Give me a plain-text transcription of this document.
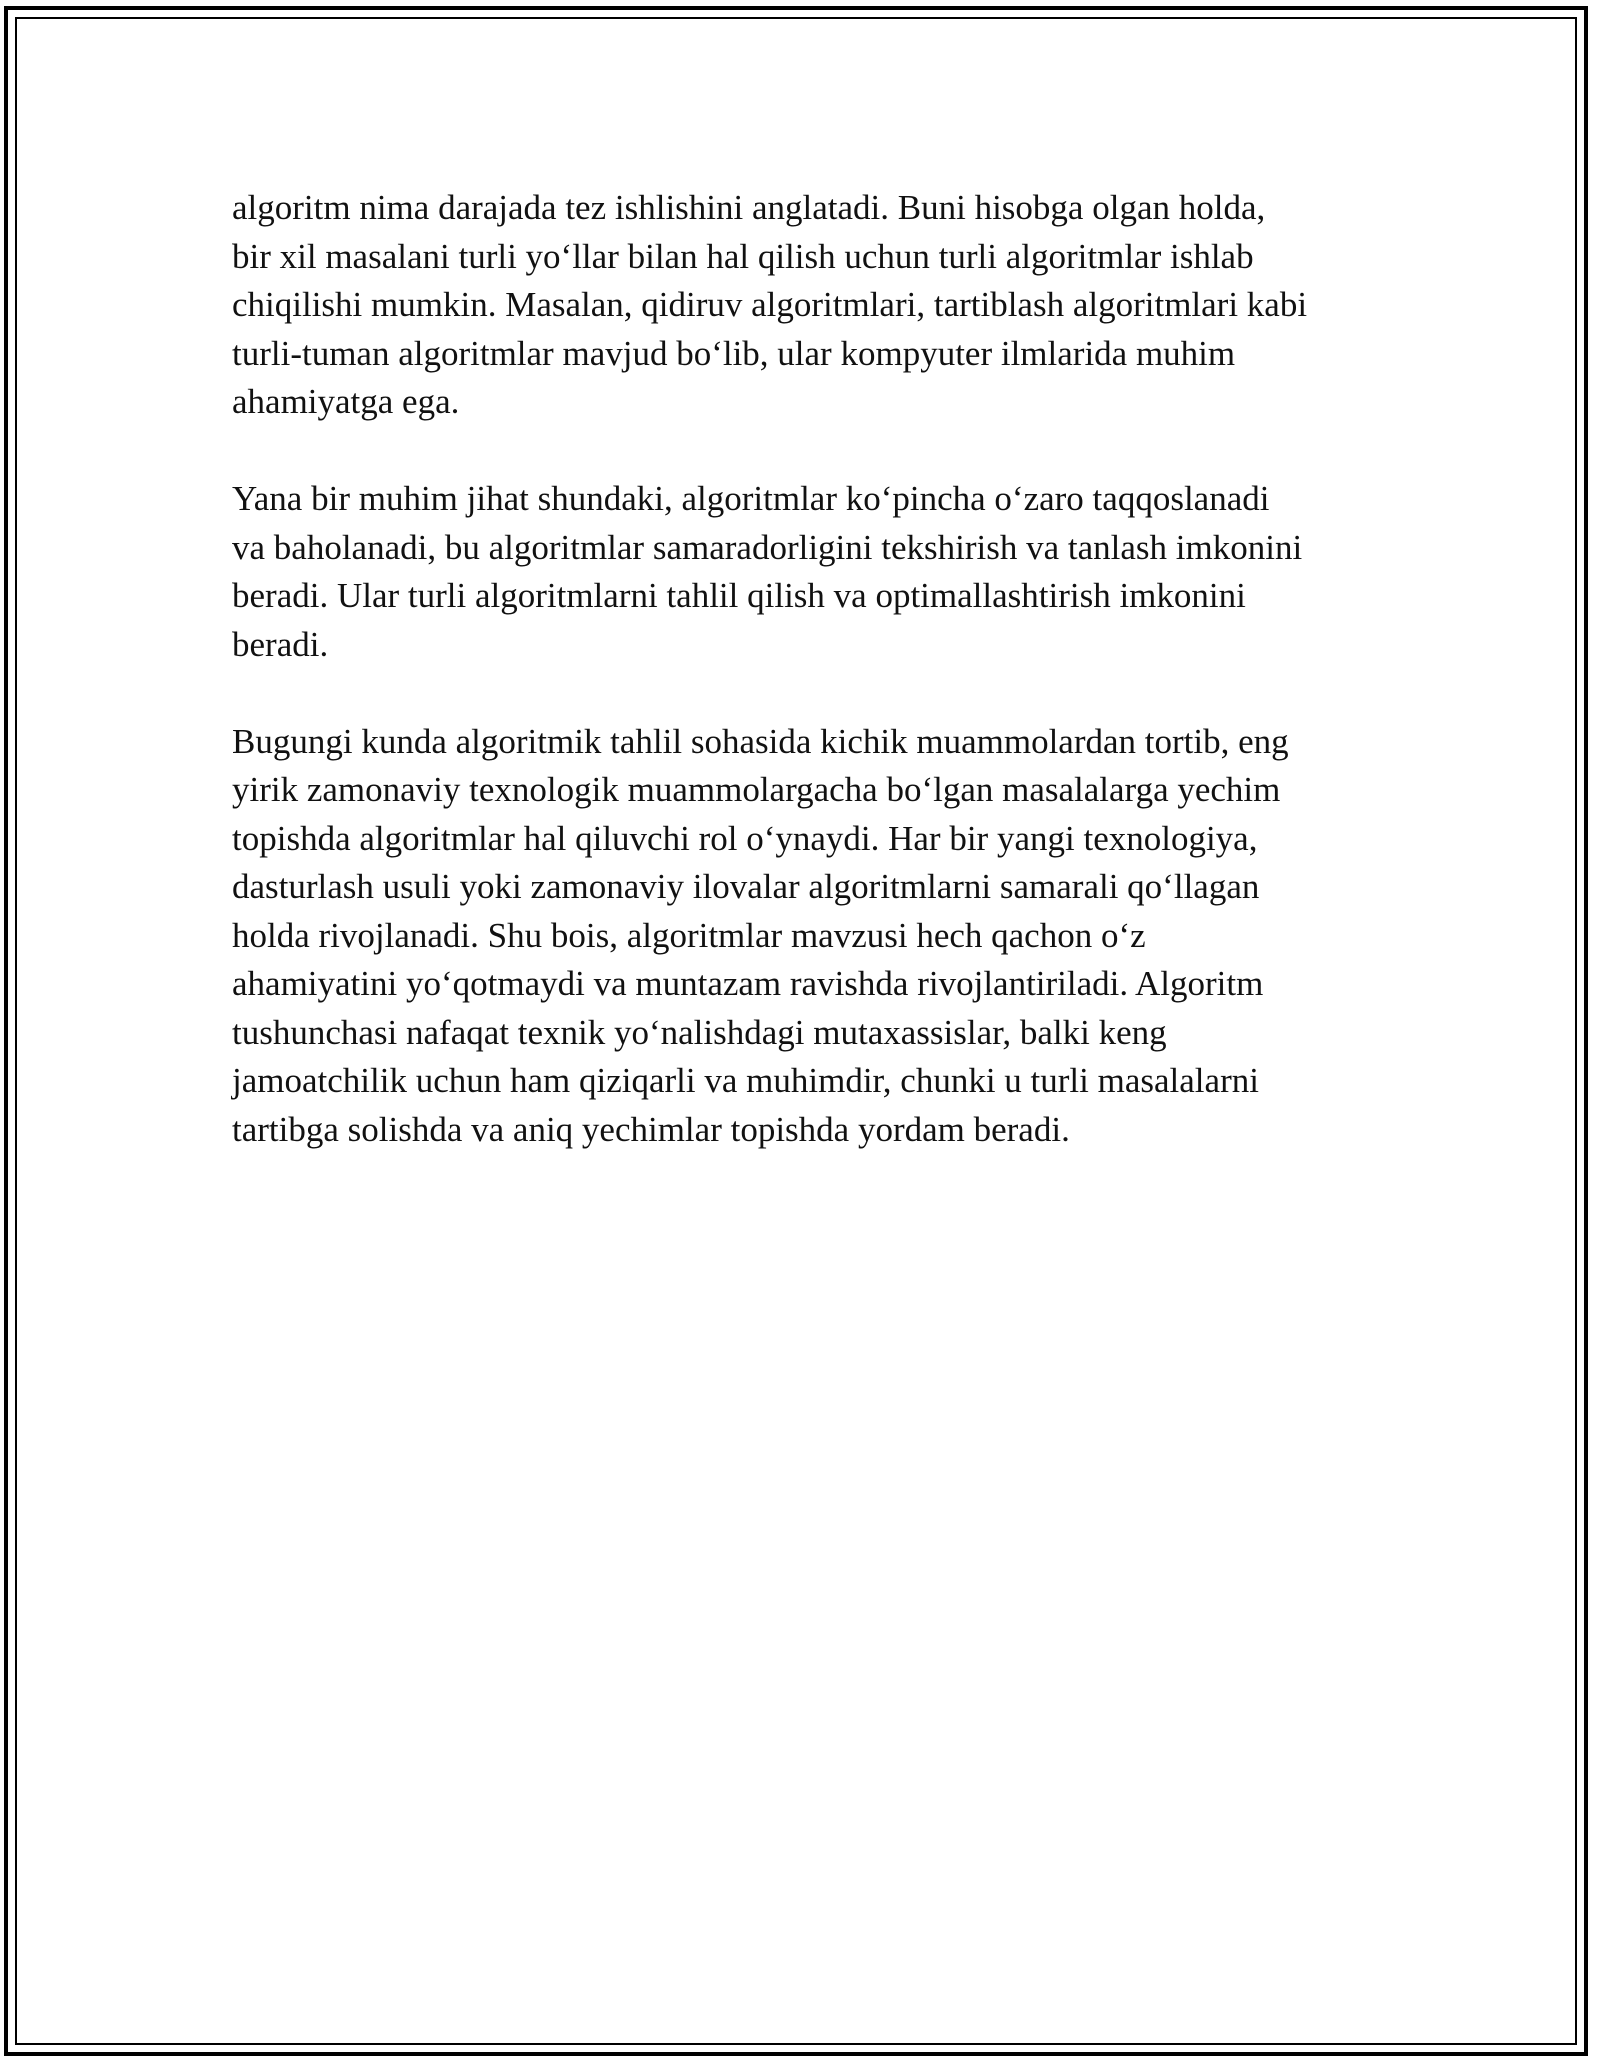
algoritm nima darajada tez ishlishini anglatadi. Buni hisobga olgan holda,
bir xil masalani turli yo‘llar bilan hal qilish uchun turli algoritmlar ishlab
chiqilishi mumkin. Masalan, qidiruv algoritmlari, tartiblash algoritmlari kabi
turli-tuman algoritmlar mavjud bo‘lib, ular kompyuter ilmlarida muhim
ahamiyatga ega.

Yana bir muhim jihat shundaki, algoritmlar ko‘pincha o‘zaro taqqoslanadi
va baholanadi, bu algoritmlar samaradorligini tekshirish va tanlash imkonini
beradi. Ular turli algoritmlarni tahlil qilish va optimallashtirish imkonini
beradi.

Bugungi kunda algoritmik tahlil sohasida kichik muammolardan tortib, eng
yirik zamonaviy texnologik muammolargacha bo‘lgan masalalarga yechim
topishda algoritmlar hal qiluvchi rol o‘ynaydi. Har bir yangi texnologiya,
dasturlash usuli yoki zamonaviy ilovalar algoritmlarni samarali qo‘llagan
holda rivojlanadi. Shu bois, algoritmlar mavzusi hech qachon o‘z
ahamiyatini yo‘qotmaydi va muntazam ravishda rivojlantiriladi. Algoritm
tushunchasi nafaqat texnik yo‘nalishdagi mutaxassislar, balki keng
jamoatchilik uchun ham qiziqarli va muhimdir, chunki u turli masalalarni
tartibga solishda va aniq yechimlar topishda yordam beradi.
